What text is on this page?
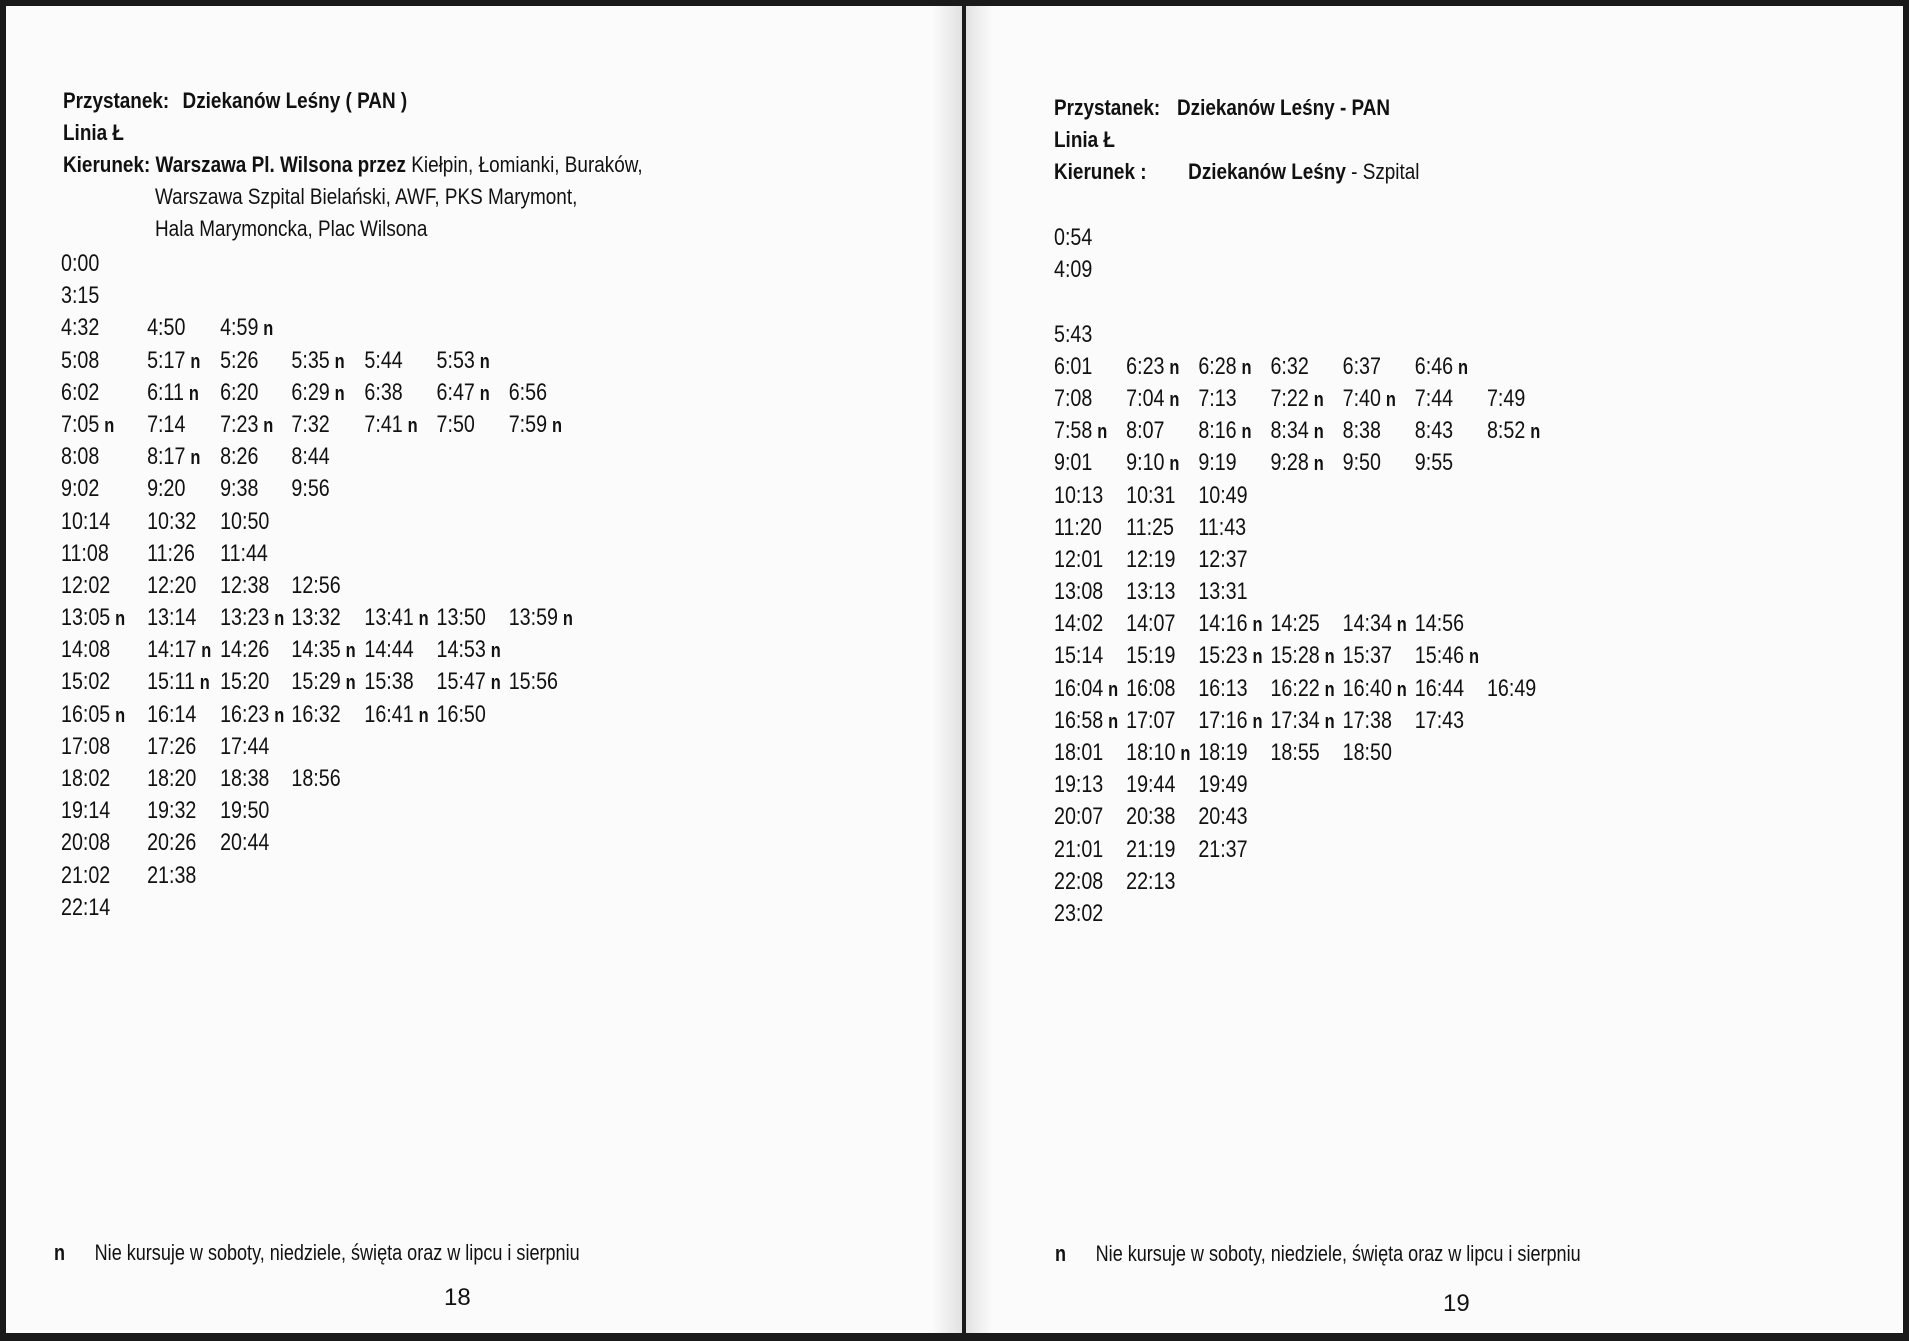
Przystanek: Dziekanów Leśny ( PAN )
Linia Ł
Kierunek: Warszawa Pl. Wilsona przez Kiełpin, Łomianki, Buraków,
Warszawa Szpital Bielański, AWF, PKS Marymont,
Hala Marymoncka, Plac Wilsona
0:00
3:15
4:32 4:50 4:59 n
5:08 5:17 n 5:26 5:35 n 5:44 5:53 n
6:02 6:11 n 6:20 6:29 n 6:38 6:47 n 6:56
7:05 n 7:14 7:23 n 7:32 7:41 n 7:50 7:59 n
8:08 8:17 n 8:26 8:44
9:02 9:20 9:38 9:56
10:14 10:32 10:50
11:08 11:26 11:44
12:02 12:20 12:38 12:56
13:05 n 13:14 13:23 n 13:32 13:41 n 13:50 13:59 n
14:08 14:17 n 14:26 14:35 n 14:44 14:53 n
15:02 15:11 n 15:20 15:29 n 15:38 15:47 n 15:56
16:05 n 16:14 16:23 n 16:32 16:41 n 16:50
17:08 17:26 17:44
18:02 18:20 18:38 18:56
19:14 19:32 19:50
20:08 20:26 20:44
21:02 21:38
22:14
n Nie kursuje w soboty, niedziele, święta oraz w lipcu i sierpniu
18
Przystanek: Dziekanów Leśny - PAN
Linia Ł
Kierunek : Dziekanów Leśny - Szpital
0:54
4:09
5:43
6:01 6:23 n 6:28 n 6:32 6:37 6:46 n
7:08 7:04 n 7:13 7:22 n 7:40 n 7:44 7:49
7:58 n 8:07 8:16 n 8:34 n 8:38 8:43 8:52 n
9:01 9:10 n 9:19 9:28 n 9:50 9:55
10:13 10:31 10:49
11:20 11:25 11:43
12:01 12:19 12:37
13:08 13:13 13:31
14:02 14:07 14:16 n 14:25 14:34 n 14:56
15:14 15:19 15:23 n 15:28 n 15:37 15:46 n
16:04 n 16:08 16:13 16:22 n 16:40 n 16:44 16:49
16:58 n 17:07 17:16 n 17:34 n 17:38 17:43
18:01 18:10 n 18:19 18:55 18:50
19:13 19:44 19:49
20:07 20:38 20:43
21:01 21:19 21:37
22:08 22:13
23:02
n Nie kursuje w soboty, niedziele, święta oraz w lipcu i sierpniu
19
